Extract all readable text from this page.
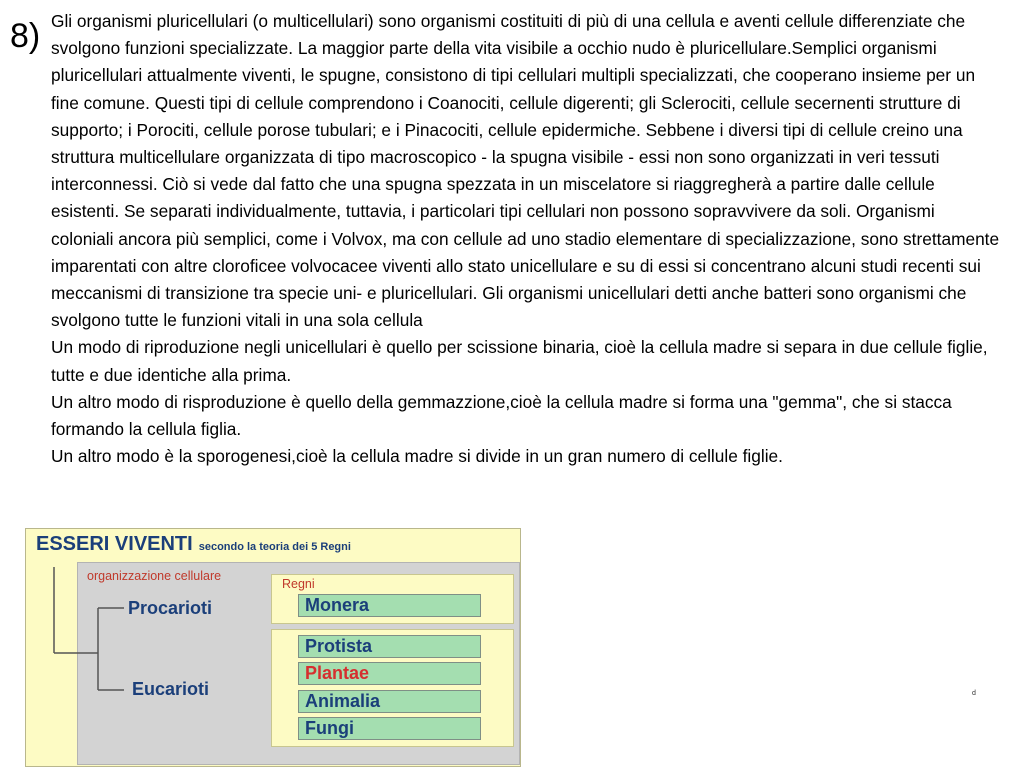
8) Gli organismi pluricellulari (o multicellulari) sono organismi costituiti di più di una cellula e aventi cellule differenziate che svolgono funzioni specializzate. La maggior parte della vita visibile a occhio nudo è pluricellulare.Semplici organismi pluricellulari attualmente viventi, le spugne, consistono di tipi cellulari multipli specializzati, che cooperano insieme per un fine comune. Questi tipi di cellule comprendono i Coanociti, cellule digerenti; gli Sclerociti, cellule secernenti strutture di supporto; i Porociti, cellule porose tubulari; e i Pinacociti, cellule epidermiche. Sebbene i diversi tipi di cellule creino una struttura multicellulare organizzata di tipo macroscopico - la spugna visibile - essi non sono organizzati in veri tessuti interconnessi. Ciò si vede dal fatto che una spugna spezzata in un miscelatore si riaggregherà a partire dalle cellule esistenti. Se separati individualmente, tuttavia, i particolari tipi cellulari non possono sopravvivere da soli. Organismi coloniali ancora più semplici, come i Volvox, ma con cellule ad uno stadio elementare di specializzazione, sono strettamente imparentati con altre cloroficee volvocacee viventi allo stato unicellulare e su di essi si concentrano alcuni studi recenti sui meccanismi di transizione tra specie uni- e pluricellulari. Gli organismi unicellulari detti anche batteri sono organismi che svolgono tutte le funzioni vitali in una sola cellula

Un modo di riproduzione negli unicellulari è quello per scissione binaria, cioè la cellula madre si separa in due cellule figlie, tutte e due identiche alla prima.

Un altro modo di risproduzione è quello della gemmazzione,cioè la cellula madre si forma una "gemma", che si stacca formando la cellula figlia.

Un altro modo è la sporogenesi,cioè la cellula madre si divide in un gran numero di cellule figlie.

ESSERI VIVENTI secondo la teoria dei 5 Regni
organizzazione cellulare
Regni
Procarioti
Eucarioti
Monera
Protista
Plantae
Animalia
Fungi
d
